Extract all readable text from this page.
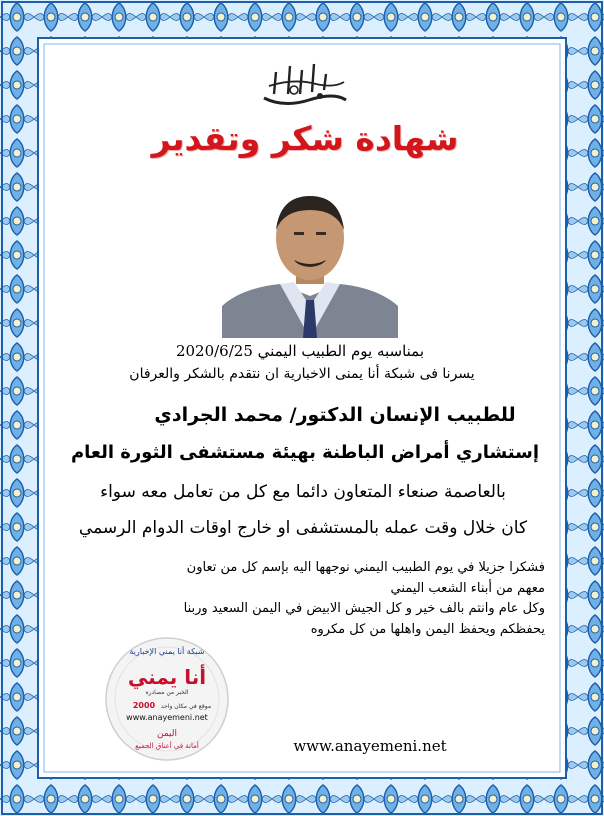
شهادة شكر وتقدير
بمناسبه يوم الطبيب اليمني 2020/6/25
يسرنا فى شبكة أنا يمنى الاخبارية ان نتقدم بالشكر والعرفان
للطبيب الإنسان الدكتور/ محمد الجرادي
إستشاري أمراض الباطنة بهيئة مستشفى الثورة العام
بالعاصمة صنعاء المتعاون دائما مع كل من تعامل معه سواء
كان خلال وقت عمله بالمستشفى او خارج اوقات الدوام الرسمي

فشكرا جزيلا في يوم الطبيب اليمني نوجهها اليه بإسم كل من تعاون

معهم من أبناء الشعب اليمني

وكل عام وانتم بالف خير و كل الجيش الابيض في اليمن السعيد وربنا

يحفظكم ويحفظ اليمن واهلها من كل مكروه

شبكة أنا يمني الإخبارية
أنا يمني
الخبر من مصادره
2000 موقع في مكان واحد
www.anayemeni.net
اليمن
أمانة في أعناق الجميع	www.anayemeni.net
